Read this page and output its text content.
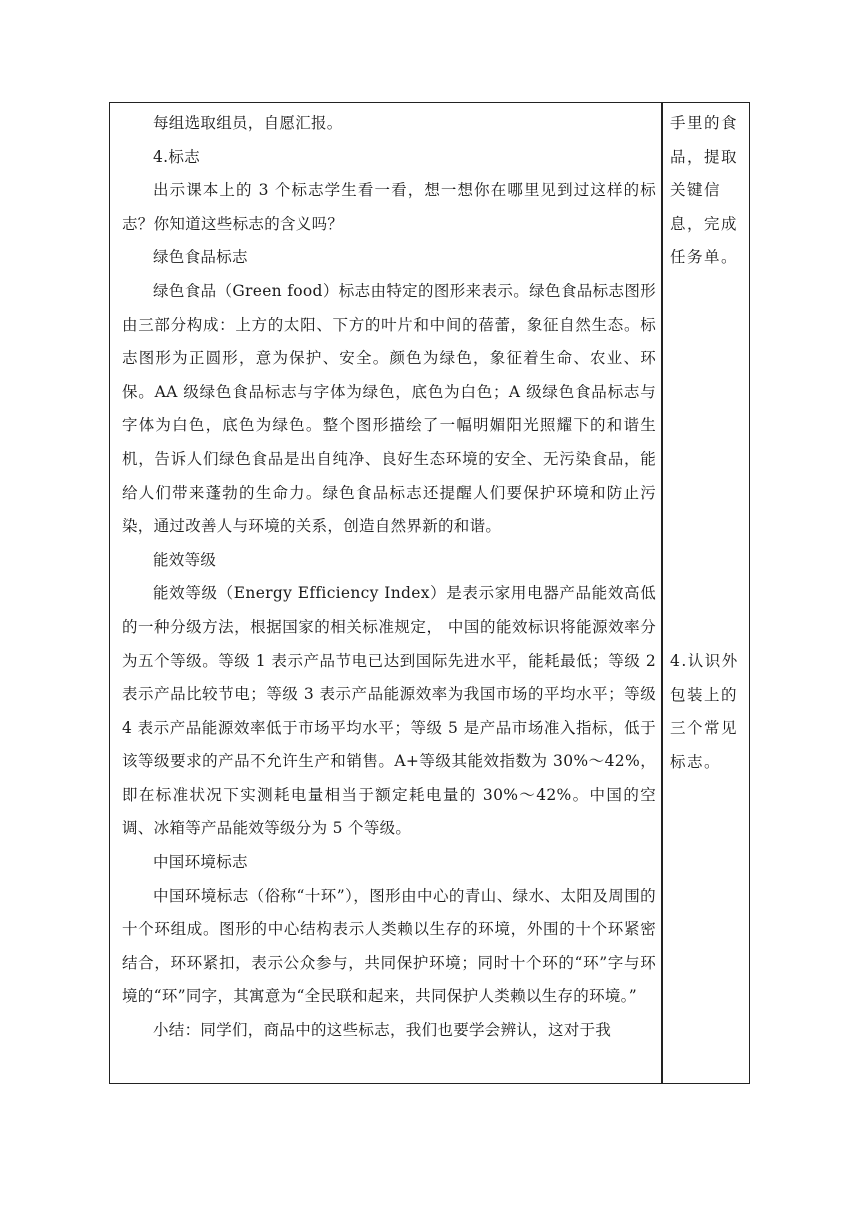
每组选取组员，自愿汇报。

4.标志

出示课本上的 3 个标志学生看一看，想一想你在哪里见到过这样的标志？你知道这些标志的含义吗？

绿色食品标志

绿色食品（Green food）标志由特定的图形来表示。绿色食品标志图形由三部分构成：上方的太阳、下方的叶片和中间的蓓蕾，象征自然生态。标志图形为正圆形，意为保护、安全。颜色为绿色，象征着生命、农业、环保。AA 级绿色食品标志与字体为绿色，底色为白色；A 级绿色食品标志与字体为白色，底色为绿色。整个图形描绘了一幅明媚阳光照耀下的和谐生机，告诉人们绿色食品是出自纯净、良好生态环境的安全、无污染食品，能给人们带来蓬勃的生命力。绿色食品标志还提醒人们要保护环境和防止污染，通过改善人与环境的关系，创造自然界新的和谐。

能效等级

能效等级（Energy Efficiency Index）是表示家用电器产品能效高低的一种分级方法，根据国家的相关标准规定， 中国的能效标识将能源效率分为五个等级。等级 1 表示产品节电已达到国际先进水平，能耗最低；等级 2 表示产品比较节电；等级 3 表示产品能源效率为我国市场的平均水平；等级 4 表示产品能源效率低于市场平均水平；等级 5 是产品市场准入指标，低于该等级要求的产品不允许生产和销售。A+等级其能效指数为 30%～42%，即在标准状况下实测耗电量相当于额定耗电量的 30%～42%。中国的空调、冰箱等产品能效等级分为 5 个等级。

中国环境标志

中国环境标志（俗称“十环”），图形由中心的青山、绿水、太阳及周围的十个环组成。图形的中心结构表示人类赖以生存的环境，外围的十个环紧密结合，环环紧扣，表示公众参与，共同保护环境；同时十个环的“环”字与环境的“环”同字，其寓意为“全民联和起来，共同保护人类赖以生存的环境。”

小结：同学们，商品中的这些标志，我们也要学会辨认，这对于我

手里的食品，提取关键信息，完成任务单。

4.认识外包装上的三个常见标志。
